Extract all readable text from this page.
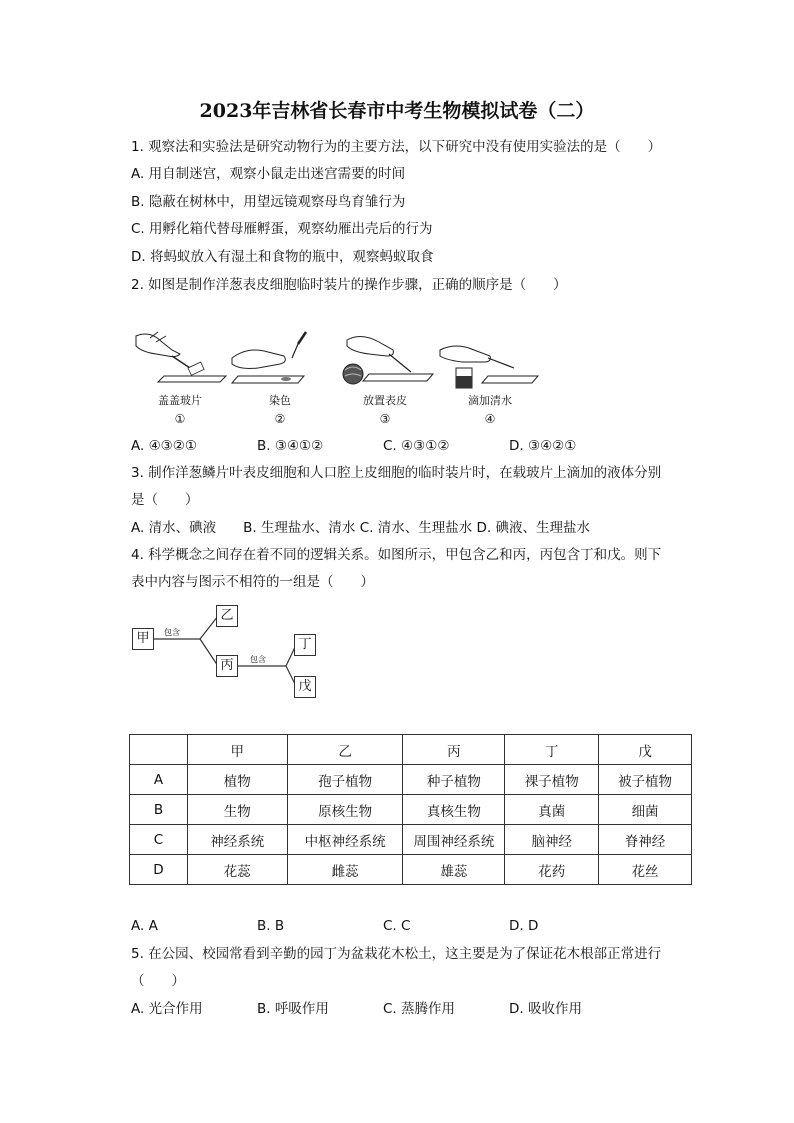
2023年吉林省长春市中考生物模拟试卷（二）
1. 观察法和实验法是研究动物行为的主要方法，以下研究中没有使用实验法的是（　　）
A. 用自制迷宫，观察小鼠走出迷宫需要的时间
B. 隐蔽在树林中，用望远镜观察母鸟育雏行为
C. 用孵化箱代替母雁孵蛋，观察幼雁出壳后的行为
D. 将蚂蚁放入有湿土和食物的瓶中，观察蚂蚁取食
2. 如图是制作洋葱表皮细胞临时装片的操作步骤，正确的顺序是（　　）
盖盖玻片
①
染色
②
放置表皮
③
滴加清水
④
A. ④③②①	B. ③④①②	C. ④③①②	D. ③④②①
3. 制作洋葱鳞片叶表皮细胞和人口腔上皮细胞的临时装片时，在载玻片上滴加的液体分别
是（　　）
A. 清水、碘液　　B. 生理盐水、清水 C. 清水、生理盐水 D. 碘液、生理盐水
4. 科学概念之间存在着不同的逻辑关系。如图所示，甲包含乙和丙，丙包含丁和戊。则下
表中内容与图示不相符的一组是（　　）
甲	包含
乙
丙	包含
丁
戊
	甲	乙	丙	丁	戊
A	植物	孢子植物	种子植物	裸子植物	被子植物
B	生物	原核生物	真核生物	真菌	细菌
C	神经系统	中枢神经系统	周围神经系统	脑神经	脊神经
D	花蕊	雌蕊	雄蕊	花药	花丝
A. A	B. B	C. C	D. D
5. 在公园、校园常看到辛勤的园丁为盆栽花木松土，这主要是为了保证花木根部正常进行
（　　）
A. 光合作用	B. 呼吸作用	C. 蒸腾作用	D. 吸收作用
